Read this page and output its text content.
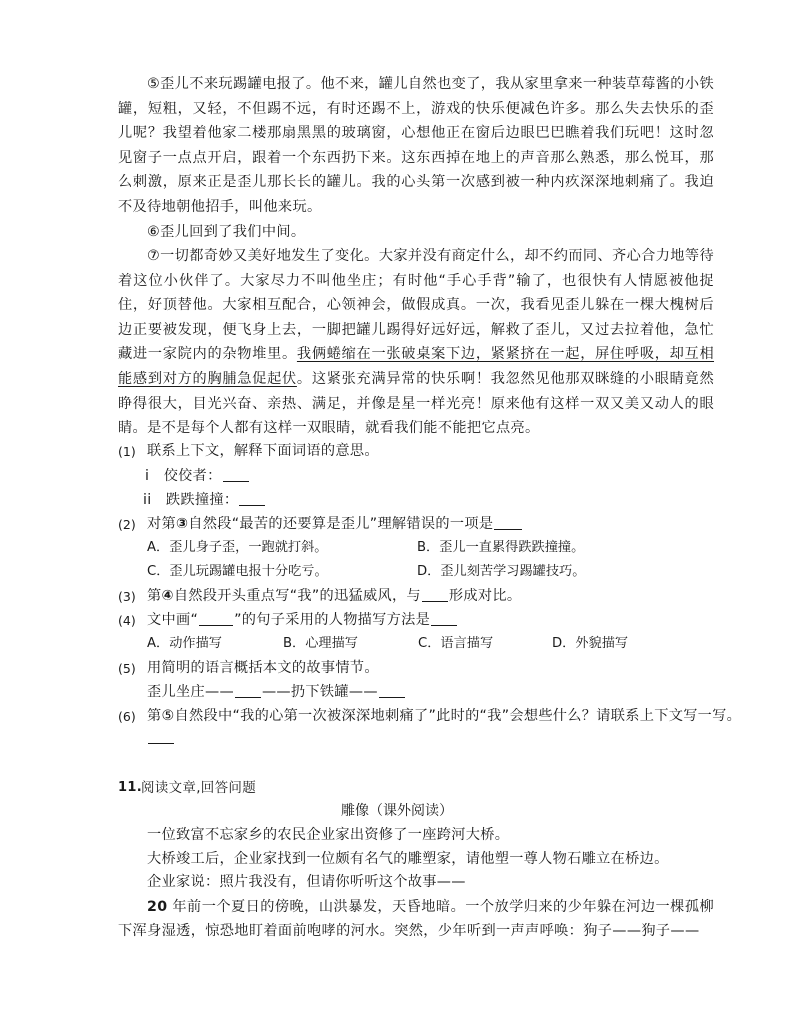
⑤歪儿不来玩踢罐电报了。他不来，罐儿自然也变了，我从家里拿来一种装草莓酱的小铁罐，短粗，又轻，不但踢不远，有时还踢不上，游戏的快乐便减色许多。那么失去快乐的歪儿呢？我望着他家二楼那扇黑黑的玻璃窗，心想他正在窗后边眼巴巴瞧着我们玩吧！这时忽见窗子一点点开启，跟着一个东西扔下来。这东西掉在地上的声音那么熟悉，那么悦耳，那么刺激，原来正是歪儿那长长的罐儿。我的心头第一次感到被一种内疚深深地刺痛了。我迫不及待地朝他招手，叫他来玩。

⑥歪儿回到了我们中间。

⑦一切都奇妙又美好地发生了变化。大家并没有商定什么，却不约而同、齐心合力地等待着这位小伙伴了。大家尽力不叫他坐庄；有时他“手心手背”输了，也很快有人情愿被他捉住，好顶替他。大家相互配合，心领神会，做假成真。一次，我看见歪儿躲在一棵大槐树后边正要被发现，便飞身上去，一脚把罐儿踢得好远好远，解救了歪儿，又过去拉着他，急忙藏进一家院内的杂物堆里。我俩蜷缩在一张破桌案下边，紧紧挤在一起，屏住呼吸，却互相能感到对方的胸脯急促起伏。这紧张充满异常的快乐啊！我忽然见他那双眯缝的小眼睛竟然睁得很大，目光兴奋、亲热、满足，并像是星一样光亮！原来他有这样一双又美又动人的眼睛。是不是每个人都有这样一双眼睛，就看我们能不能把它点亮。

(1) 联系上下文，解释下面词语的意思。
i 佼佼者：
ii 跌跌撞撞：
(2) 对第③自然段“最苦的还要算是歪儿”理解错误的一项是
A．歪儿身子歪，一跑就打斜。	B．歪儿一直累得跌跌撞撞。
C．歪儿玩踢罐电报十分吃亏。	D．歪儿刻苦学习踢罐技巧。
(3) 第④自然段开头重点写“我”的迅猛威风，与 形成对比。
(4) 文中画“	”的句子采用的人物描写方法是
A．动作描写	B．心理描写	C．语言描写	D．外貌描写
(5) 用简明的语言概括本文的故事情节。
歪儿坐庄—— ——扔下铁罐——
(6) 第⑤自然段中“我的心第一次被深深地刺痛了”此时的“我”会想些什么？请联系上下文写一写。
11. 阅读文章,回答问题
雕像（课外阅读）
一位致富不忘家乡的农民企业家出资修了一座跨河大桥。
大桥竣工后，企业家找到一位颇有名气的雕塑家，请他塑一尊人物石雕立在桥边。
企业家说：照片我没有，但请你听听这个故事——

20 年前一个夏日的傍晚，山洪暴发，天昏地暗。一个放学归来的少年躲在河边一棵孤柳下浑身湿透，惊恐地盯着面前咆哮的河水。突然，少年听到一声声呼唤：狗子——狗子——
